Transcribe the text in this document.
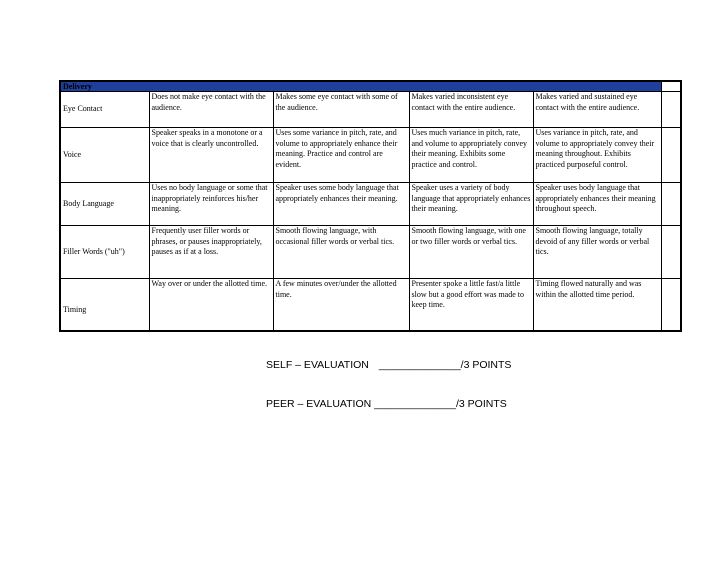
Delivery					
Eye Contact	Does not make eye contact with the audience.	Makes some eye contact with some of the audience.	Makes varied inconsistent eye contact with the entire audience.	Makes varied and sustained eye contact with the entire audience.	
Voice	Speaker speaks in a monotone or a voice that is clearly uncontrolled.	Uses some variance in pitch, rate, and volume to appropriately enhance their meaning. Practice and control are evident.	Uses much variance in pitch, rate, and volume to appropriately convey their meaning. Exhibits some practice and control.	Uses variance in pitch, rate, and volume to appropriately convey their meaning throughout. Exhibits practiced purposeful control.	
Body Language	Uses no body language or some that inappropriately reinforces his/her meaning.	Speaker uses some body language that appropriately enhances their meaning.	Speaker uses a variety of body language that appropriately enhances their meaning.	Speaker uses body language that appropriately enhances their meaning throughout speech.	
Filler Words ("uh")	Frequently user filler words or phrases, or pauses inappropriately, pauses as if at a loss.	Smooth flowing language, with occasional filler words or verbal tics.	Smooth flowing language, with one or two filler words or verbal tics.	Smooth flowing language, totally devoid of any filler words or verbal tics.	
Timing	Way over or under the allotted time.	A few minutes over/under the allotted time.	Presenter spoke a little fast/a little slow but a good effort was made to keep time.	Timing flowed naturally and was within the allotted time period.	
SELF – EVALUATION ______________/3 POINTS
PEER – EVALUATION ______________/3 POINTS
